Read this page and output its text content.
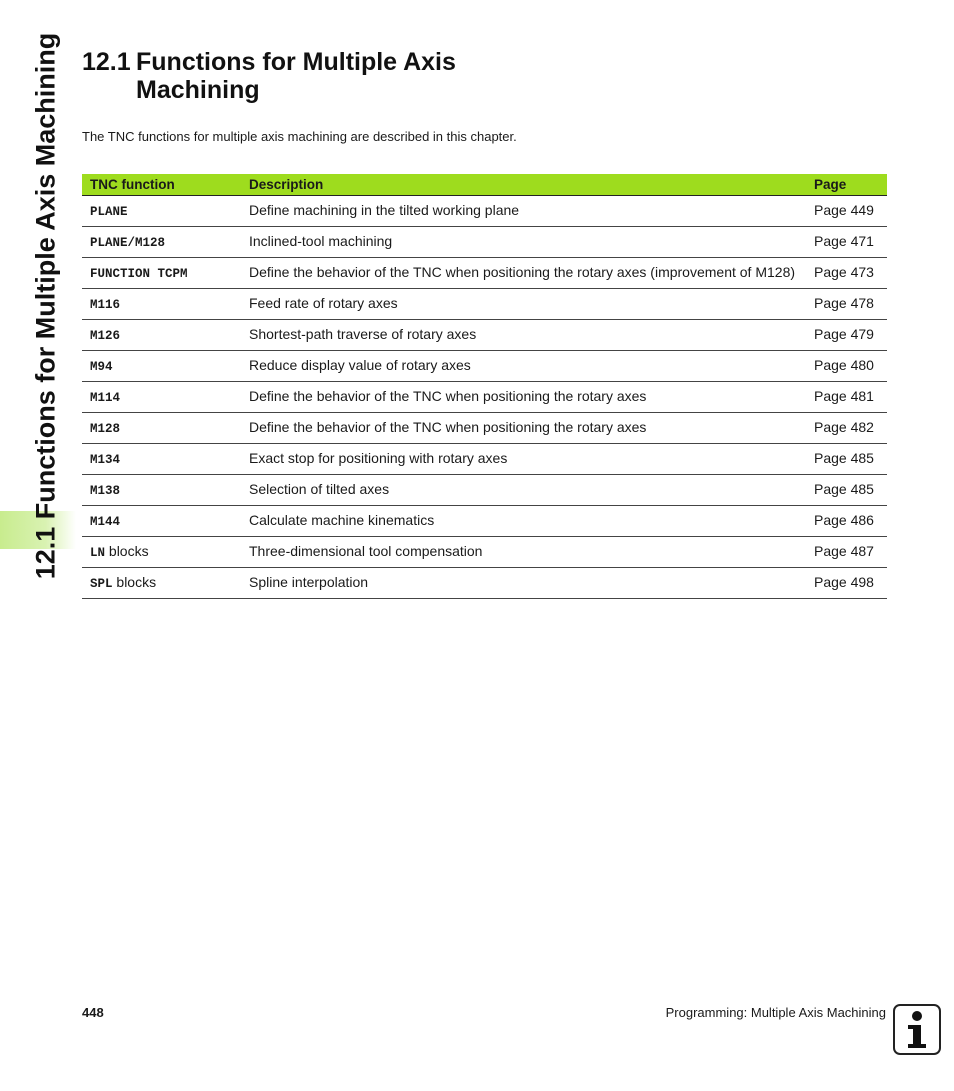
12.1 Functions for Multiple Axis Machining 12.1 Functions for Multiple Axis
Machining

The TNC functions for multiple axis machining are described in this chapter.

TNC function	Description	Page
PLANE	Define machining in the tilted working plane	Page 449
PLANE/M128	Inclined-tool machining	Page 471
FUNCTION TCPM	Define the behavior of the TNC when positioning the rotary axes (improvement of M128)	Page 473
M116	Feed rate of rotary axes	Page 478
M126	Shortest-path traverse of rotary axes	Page 479
M94	Reduce display value of rotary axes	Page 480
M114	Define the behavior of the TNC when positioning the rotary axes	Page 481
M128	Define the behavior of the TNC when positioning the rotary axes	Page 482
M134	Exact stop for positioning with rotary axes	Page 485
M138	Selection of tilted axes	Page 485
M144	Calculate machine kinematics	Page 486
LN blocks	Three-dimensional tool compensation	Page 487
SPL blocks	Spline interpolation	Page 498
448	Programming: Multiple Axis Machining
